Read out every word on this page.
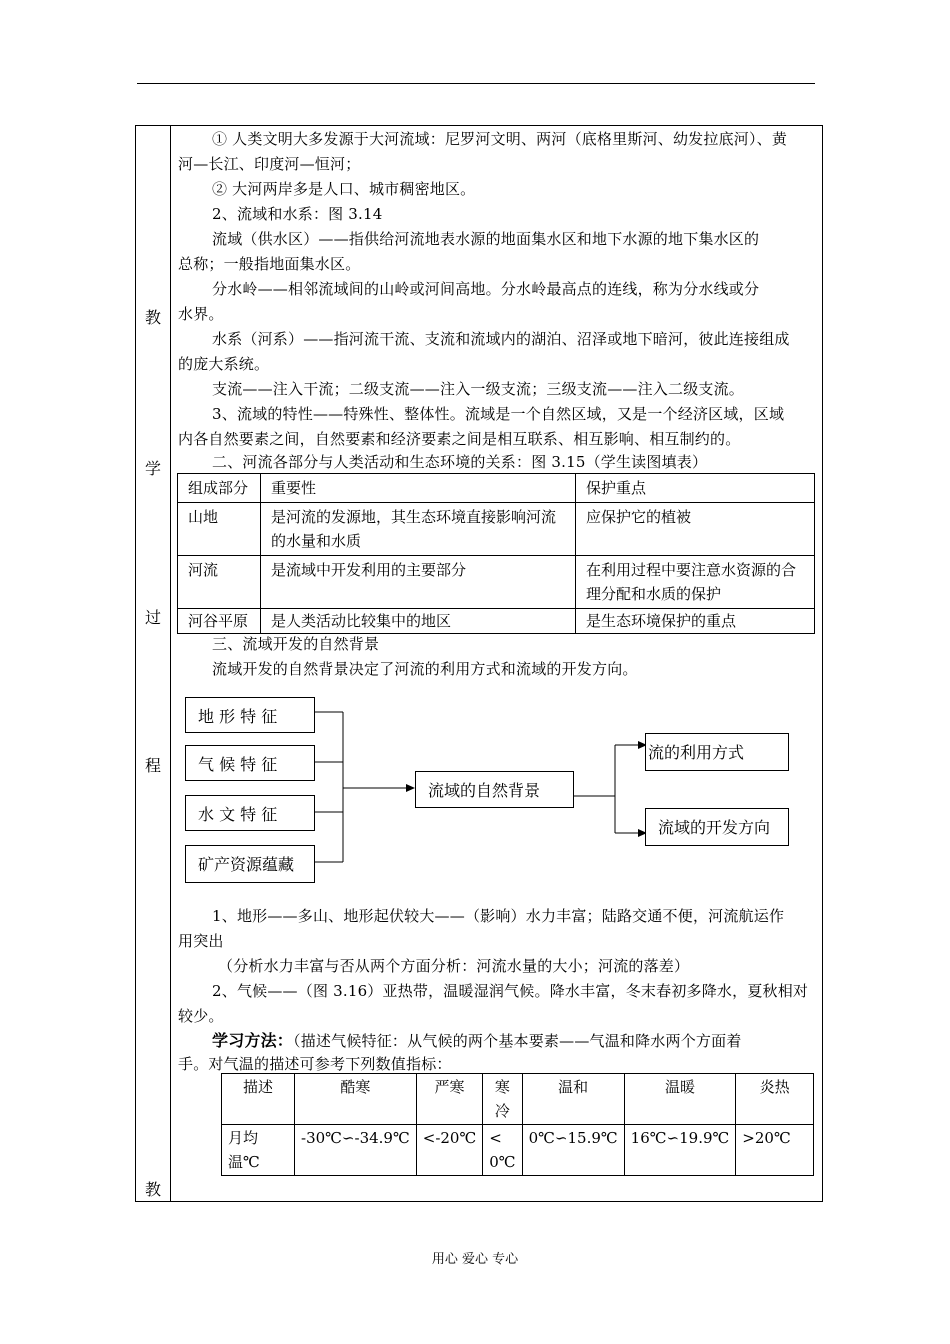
教
学
过
程
教
① 人类文明大多发源于大河流域：尼罗河文明、两河（底格里斯河、幼发拉底河）、黄
河—长江、印度河—恒河；
② 大河两岸多是人口、城市稠密地区。
2、流域和水系：图 3.14
流域（供水区）——指供给河流地表水源的地面集水区和地下水源的地下集水区的
总称；一般指地面集水区。
分水岭——相邻流域间的山岭或河间高地。分水岭最高点的连线，称为分水线或分
水界。
水系（河系）——指河流干流、支流和流域内的湖泊、沼泽或地下暗河，彼此连接组成
的庞大系统。
支流——注入干流；二级支流——注入一级支流；三级支流——注入二级支流。
3、流域的特性——特殊性、整体性。流域是一个自然区域，又是一个经济区域，区域
内各自然要素之间，自然要素和经济要素之间是相互联系、相互影响、相互制约的。
二、河流各部分与人类活动和生态环境的关系：图 3.15（学生读图填表）
组成部分	重要性	保护重点
山地	是河流的发源地，其生态环境直接影响河流的水量和水质	应保护它的植被
河流	是流域中开发利用的主要部分	在利用过程中要注意水资源的合理分配和水质的保护
河谷平原	是人类活动比较集中的地区	是生态环境保护的重点
三、流域开发的自然背景
流域开发的自然背景决定了河流的利用方式和流域的开发方向。
地 形 特 征
气 候 特 征
水 文 特 征
矿产资源蕴藏
流域的自然背景
流的利用方式
流域的开发方向
1、地形——多山、地形起伏较大——（影响）水力丰富；陆路交通不便，河流航运作
用突出
（分析水力丰富与否从两个方面分析：河流水量的大小；河流的落差）
2、气候——（图 3.16）亚热带，温暖湿润气候。降水丰富，冬末春初多降水，夏秋相对
较少。
学习方法：（描述气候特征：从气候的两个基本要素——气温和降水两个方面着
手。对气温的描述可参考下列数值指标：
描述	酷寒	严寒	寒冷	温和	温暖	炎热
月均温℃	-30℃∽-34.9℃	<-20℃	<0℃	0℃∽15.9℃	16℃∽19.9℃	>20℃
用心 爱心 专心
